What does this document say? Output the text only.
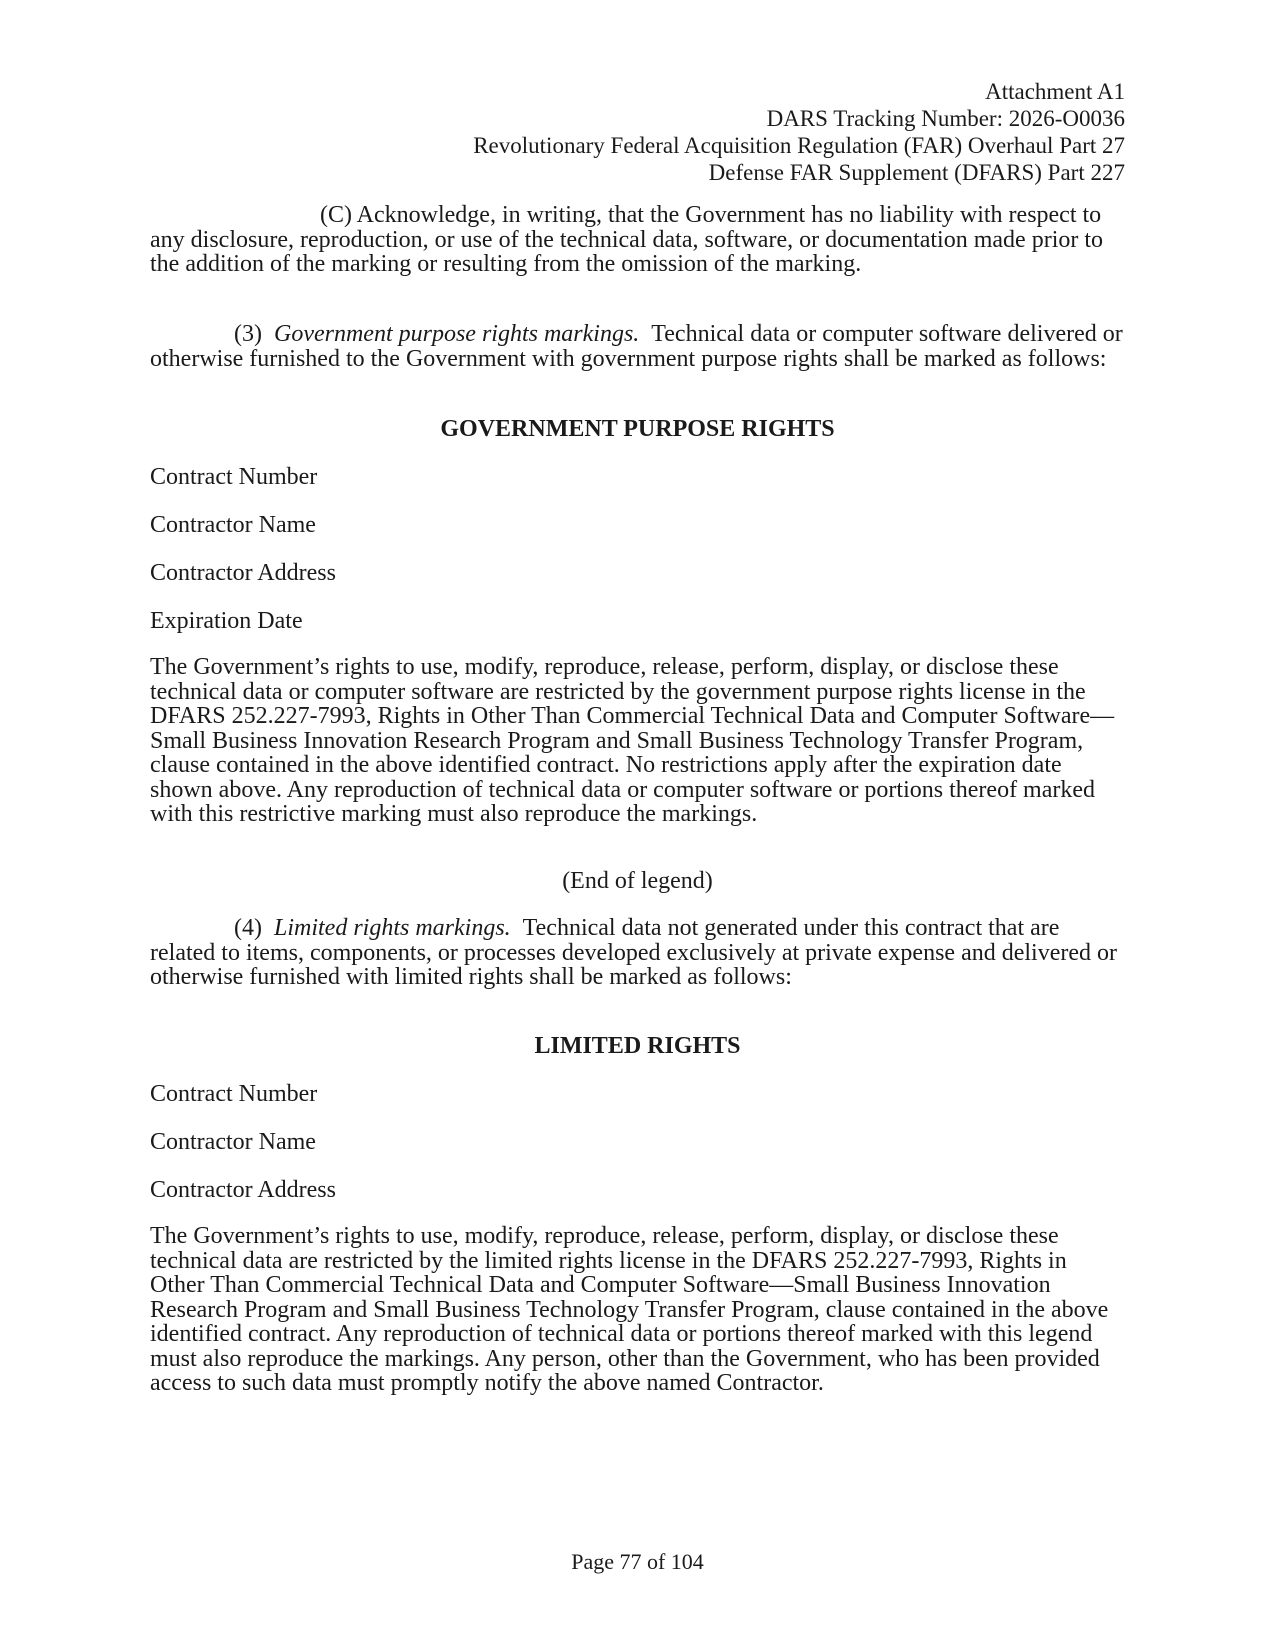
Attachment A1
DARS Tracking Number: 2026-O0036
Revolutionary Federal Acquisition Regulation (FAR) Overhaul Part 27
Defense FAR Supplement (DFARS) Part 227

(C) Acknowledge, in writing, that the Government has no liability with respect to any disclosure, reproduction, or use of the technical data, software, or documentation made prior to the addition of the marking or resulting from the omission of the marking.

(3) Government purpose rights markings. Technical data or computer software delivered or otherwise furnished to the Government with government purpose rights shall be marked as follows:

GOVERNMENT PURPOSE RIGHTS

Contract Number

Contractor Name

Contractor Address

Expiration Date

The Government’s rights to use, modify, reproduce, release, perform, display, or disclose these technical data or computer software are restricted by the government purpose rights license in the DFARS 252.227-7993, Rights in Other Than Commercial Technical Data and Computer Software—Small Business Innovation Research Program and Small Business Technology Transfer Program, clause contained in the above identified contract. No restrictions apply after the expiration date shown above. Any reproduction of technical data or computer software or portions thereof marked with this restrictive marking must also reproduce the markings.

(End of legend)

(4) Limited rights markings. Technical data not generated under this contract that are related to items, components, or processes developed exclusively at private expense and delivered or otherwise furnished with limited rights shall be marked as follows:

LIMITED RIGHTS

Contract Number

Contractor Name

Contractor Address

The Government’s rights to use, modify, reproduce, release, perform, display, or disclose these technical data are restricted by the limited rights license in the DFARS 252.227-7993, Rights in Other Than Commercial Technical Data and Computer Software—Small Business Innovation Research Program and Small Business Technology Transfer Program, clause contained in the above identified contract. Any reproduction of technical data or portions thereof marked with this legend must also reproduce the markings. Any person, other than the Government, who has been provided access to such data must promptly notify the above named Contractor.

Page 77 of 104
